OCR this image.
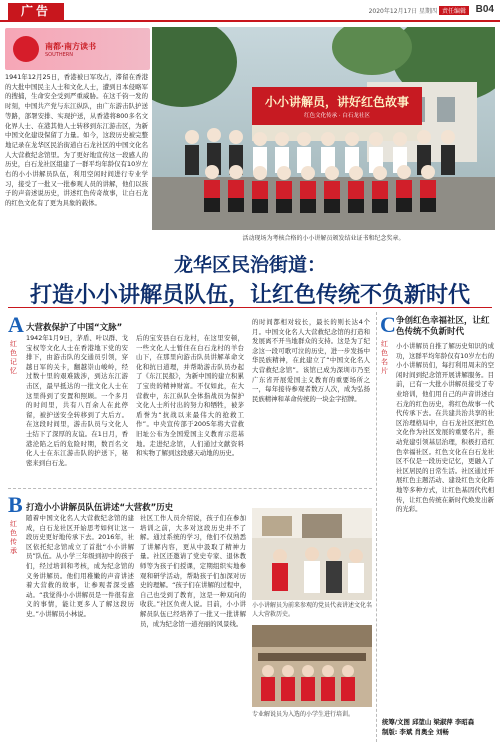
广告	2020年12月17日 星期四 责任编辑 B04
南都·南方读书
SOUTHERN
1941年12月25日，香港被日军攻占，滞留在香港的大批中国民主人士和文化人士，遭到日本侵略军的搜捕，生命安全受到严重威胁。在这千钧一发的时刻，中国共产党与东江纵队，由广东游击队护送等路，部署安排、实现护送，从香港将800多名文化界人士、在港其他人士转移到东江游击区，为新中国文化建设保留了力量。如今，这段历史被完整地记录在龙华区民治街道白石龙社区的中国文化名人大营救纪念馆里。为了更好地宣传这一段感人的历史，白石龙社区组建了一群平均年龄仅有10岁左右的小小讲解员队伍，利用空闲时间进行专业学习，接受了一批又一批参观人员的讲解，他们以孩子的声音述说历史，讲述红色传奇故事，让白石龙的红色文化有了更为具象的载体。
小小讲解员，讲好红色故事
红色文化传承 · 白石龙社区
活动现场为考核合格的小小讲解员颁发结业证书和纪念奖章。
龙华区民治街道：
打造小小讲解员队伍，让红色传统不负新时代
A
红色记忆
大营救保护了中国“文脉”
1942年1月9日，茅盾、叶以群、戈宝权等文化人士在香港地下党的安排下，由游击队的交通员引领，穿越日军的关卡，翻越崇山峻岭，经过数十里的艰难跋涉，到达东江游击区，最早抵达的一批文化人士在这里得到了安置和照顾。一个多月的时间里，共有八百余人在此停留，被护送安全转移到了大后方。在这段时间里，游击队员与文化人士结下了深厚的友谊。在1日月，香港沦陷之后的危险时期，数百名文化人士在东江游击队的护送下，秘密来到白石龙。
后的宝安县白石龙村，在这里安顿，一些文化人士暂住在白石龙村的羊台山下，在那里向游击队员讲解革命文化和抗日道理，并帮助游击队员办起了《东江民报》，为新中国的建立积累了宝贵的精神财富。不仅如此，在大营救中，东江纵队全体指战员为保护文化人士所付出的努力和牺牲，被茅盾誉为“抗战以来最伟大的抢救工作”。中央宣传部于2005年将大营救旧址公布为全国爱国主义教育示范基地。走进纪念馆，人们通过文献资料和实物了解到这段感天动地的历史。
的时间都相对较长，最长的则长达4个月。中国文化名人大营救纪念馆的打造和发展离不开当地群众的支持。这是为了纪念这一段可歌可泣的历史，进一步发扬中华民族精神，在此建立了“中国文化名人大营救纪念馆”。该馆已成为深圳市乃至广东省开展爱国主义教育的重要场所之一，每年接待参观者数万人次，成为弘扬民族精神和革命传统的一块金字招牌。
B
红色传承
打造小小讲解员队伍讲述“大营救”历史
随着中国文化名人大营救纪念馆的建成，白石龙社区开始思考如何让这一段历史更好地传承下去。2016年，社区依托纪念馆成立了首批“小小讲解员”队伍。从小学三年级到初中的孩子们，经过培训和考核，成为纪念馆的义务讲解员。他们用稚嫩的声音讲述着大营救的故事，让参观者深受感动。“我觉得小小讲解员是一件很有意义的事情，能让更多人了解这段历史。”小讲解员小林说。
社区工作人员介绍说，孩子们在参加培训之前，大多对这段历史并不了解。通过系统的学习，他们不仅熟悉了讲解内容，更从中汲取了精神力量。社区还邀请了党史专家、退休教师等为孩子们授课，定期组织实地参观和研学活动，帮助孩子们加深对历史的理解。“孩子们在讲解的过程中，自己也受到了教育，这是一种双向的收获。”社区负责人说。目前，小小讲解员队伍已经培养了一批又一批讲解员，成为纪念馆一道亮丽的风景线。
小小讲解员为前来参观的党员代表讲述文化名人大营救历史。
专业解说员为入选的小学生进行培训。
C
红色名片
争创红色幸福社区，让红色传统不负新时代
小小讲解员自推了解历史知识的成功，这群平均年龄仅有10岁左右的小小讲解员们，每打利用周末的空闲时间到纪念馆开展讲解服务。目前，已有一大批小讲解员接受了专业培训，他们用自己的声音讲述白石龙的红色历史，将红色故事一代代传承下去。在共建共治共享的社区治理格局中，白石龙社区把红色文化作为社区发展的重要名片，推动党建引领基层治理，积极打造红色幸福社区。红色文化在白石龙社区不仅是一段历史记忆，更融入了社区居民的日常生活。社区通过开展红色主题活动、建设红色文化阵地等多种方式，让红色基因代代相传，让红色传统在新时代焕发出新的光彩。
统筹/文图 邱堃山 梁淑萍 李昭森
制版: 李斌 肖奥全 刘畅
